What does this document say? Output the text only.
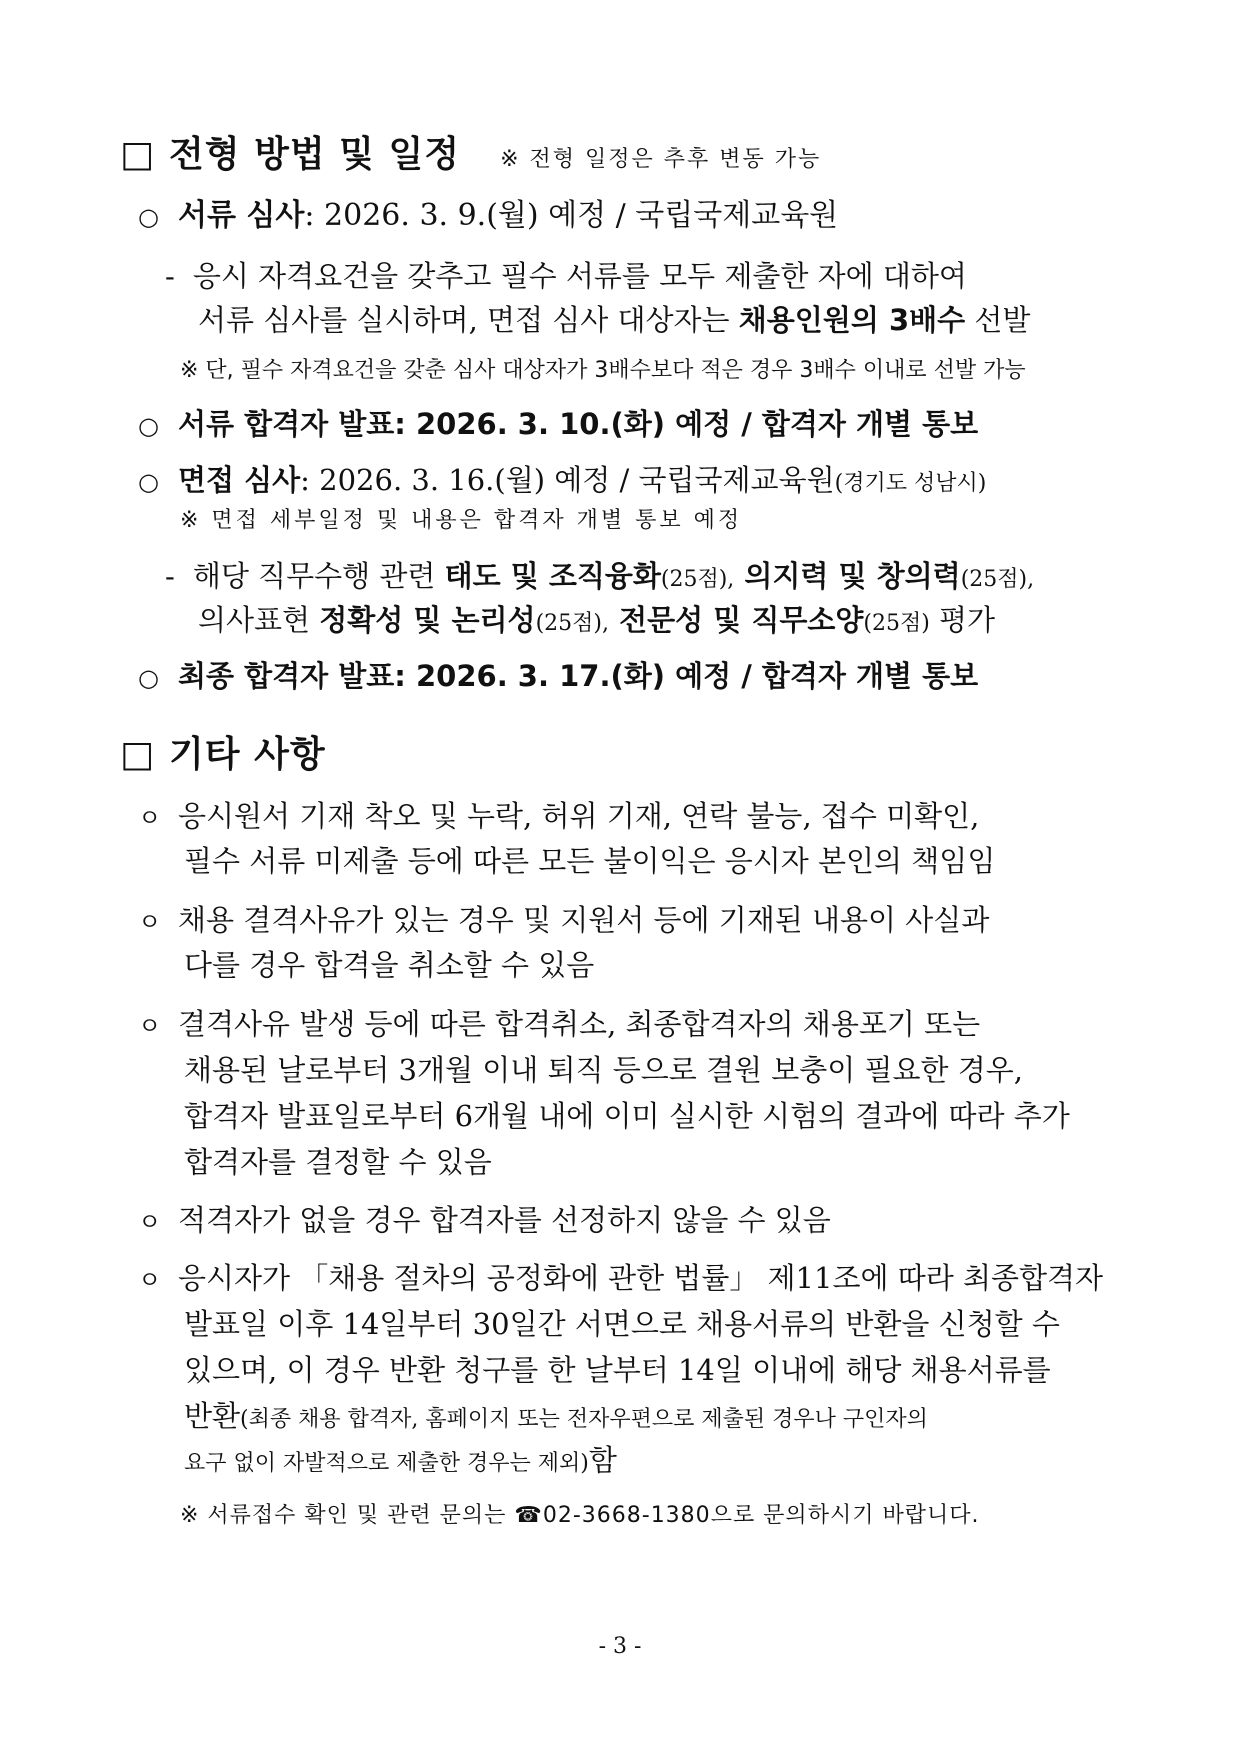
□ 전형 방법 및 일정 ※ 전형 일정은 추후 변동 가능
○ 서류 심사: 2026. 3. 9.(월) 예정 / 국립국제교육원
- 응시 자격요건을 갖추고 필수 서류를 모두 제출한 자에 대하여
서류 심사를 실시하며, 면접 심사 대상자는 채용인원의 3배수 선발
※ 단, 필수 자격요건을 갖춘 심사 대상자가 3배수보다 적은 경우 3배수 이내로 선발 가능
○ 서류 합격자 발표: 2026. 3. 10.(화) 예정 / 합격자 개별 통보
○ 면접 심사: 2026. 3. 16.(월) 예정 / 국립국제교육원(경기도 성남시)
※ 면접 세부일정 및 내용은 합격자 개별 통보 예정
- 해당 직무수행 관련 태도 및 조직융화(25점), 의지력 및 창의력(25점),
의사표현 정확성 및 논리성(25점), 전문성 및 직무소양(25점) 평가
○ 최종 합격자 발표: 2026. 3. 17.(화) 예정 / 합격자 개별 통보
□ 기타 사항
ㅇ 응시원서 기재 착오 및 누락, 허위 기재, 연락 불능, 접수 미확인,
필수 서류 미제출 등에 따른 모든 불이익은 응시자 본인의 책임임
ㅇ 채용 결격사유가 있는 경우 및 지원서 등에 기재된 내용이 사실과
다를 경우 합격을 취소할 수 있음
ㅇ 결격사유 발생 등에 따른 합격취소, 최종합격자의 채용포기 또는
채용된 날로부터 3개월 이내 퇴직 등으로 결원 보충이 필요한 경우,
합격자 발표일로부터 6개월 내에 이미 실시한 시험의 결과에 따라 추가
합격자를 결정할 수 있음
ㅇ 적격자가 없을 경우 합격자를 선정하지 않을 수 있음
ㅇ 응시자가 「채용 절차의 공정화에 관한 법률」 제11조에 따라 최종합격자
발표일 이후 14일부터 30일간 서면으로 채용서류의 반환을 신청할 수
있으며, 이 경우 반환 청구를 한 날부터 14일 이내에 해당 채용서류를
반환(최종 채용 합격자, 홈페이지 또는 전자우편으로 제출된 경우나 구인자의
요구 없이 자발적으로 제출한 경우는 제외)함
※ 서류접수 확인 및 관련 문의는 ☎02-3668-1380으로 문의하시기 바랍니다.
- 3 -
